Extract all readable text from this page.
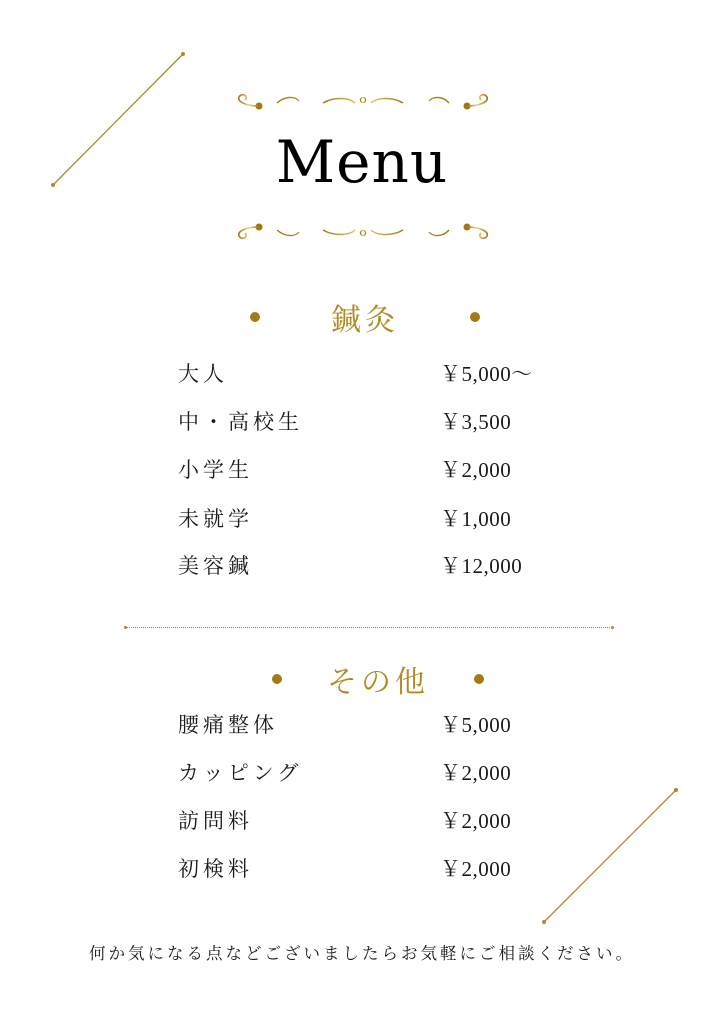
Menu
鍼灸
大人	￥5,000～
中・高校生	￥3,500
小学生	￥2,000
未就学	￥1,000
美容鍼	￥12,000
その他
腰痛整体	￥5,000
カッピング	￥2,000
訪問料	￥2,000
初検料	￥2,000
何か気になる点などございましたらお気軽にご相談ください。
